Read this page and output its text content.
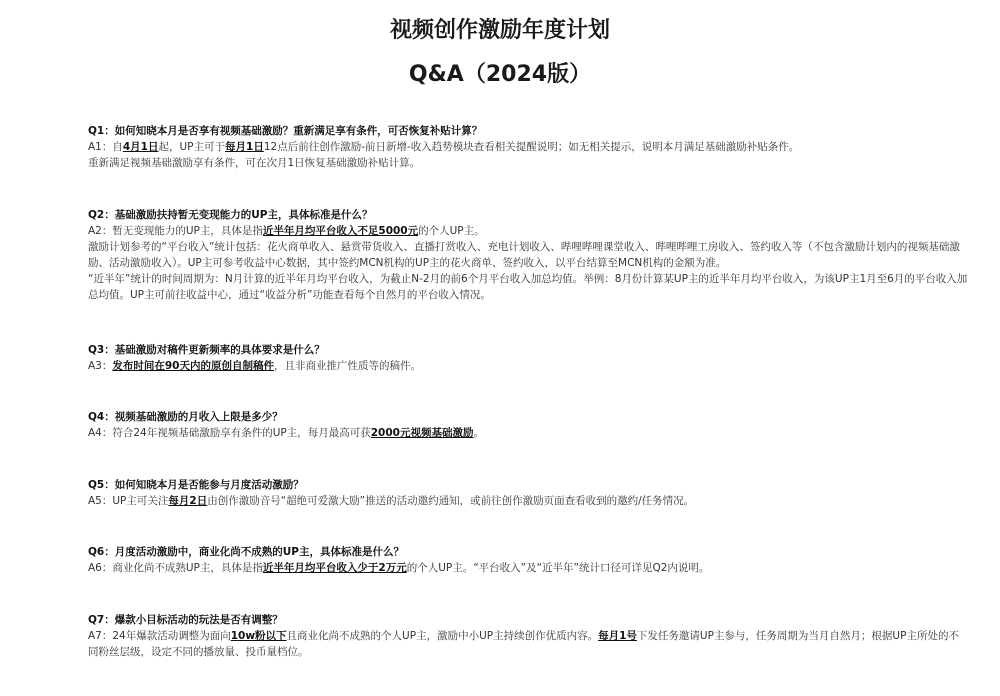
视频创作激励年度计划
Q&A（2024版）

Q1：如何知晓本月是否享有视频基础激励？重新满足享有条件，可否恢复补贴计算？

A1：自4月1日起，UP主可于每月1日12点后前往创作激励-前日新增-收入趋势模块查看相关提醒说明；如无相关提示，说明本月满足基础激励补贴条件。

重新满足视频基础激励享有条件，可在次月1日恢复基础激励补贴计算。

Q2：基础激励扶持暂无变现能力的UP主，具体标准是什么？

A2：暂无变现能力的UP主，具体是指近半年月均平台收入不足5000元的个人UP主。

激励计划参考的“平台收入”统计包括：花火商单收入、悬赏带货收入、直播打赏收入、充电计划收入、哔哩哔哩课堂收入、哔哩哔哩工房收入、签约收入等（不包含激励计划内的视频基础激励、活动激励收入）。UP主可参考收益中心数据，其中签约MCN机构的UP主的花火商单、签约收入，以平台结算至MCN机构的金额为准。

“近半年”统计的时间周期为：N月计算的近半年月均平台收入，为截止N-2月的前6个月平台收入加总均值。举例：8月份计算某UP主的近半年月均平台收入，为该UP主1月至6月的平台收入加总均值。UP主可前往收益中心，通过“收益分析”功能查看每个自然月的平台收入情况。

Q3：基础激励对稿件更新频率的具体要求是什么？

A3：发布时间在90天内的原创自制稿件，且非商业推广性质等的稿件。

Q4：视频基础激励的月收入上限是多少？

A4：符合24年视频基础激励享有条件的UP主，每月最高可获2000元视频基础激励。

Q5：如何知晓本月是否能参与月度活动激励？

A5：UP主可关注每月2日由创作激励音号“超绝可爱激大励”推送的活动邀约通知，或前往创作激励页面查看收到的邀约/任务情况。

Q6：月度活动激励中，商业化尚不成熟的UP主，具体标准是什么？

A6：商业化尚不成熟UP主，具体是指近半年月均平台收入少于2万元的个人UP主。“平台收入”及“近半年”统计口径可详见Q2内说明。

Q7：爆款小目标活动的玩法是否有调整？

A7：24年爆款活动调整为面向10w粉以下且商业化尚不成熟的个人UP主，激励中小UP主持续创作优质内容。每月1号下发任务邀请UP主参与，任务周期为当月自然月；根据UP主所处的不同粉丝层级，设定不同的播放量、投币量档位。
